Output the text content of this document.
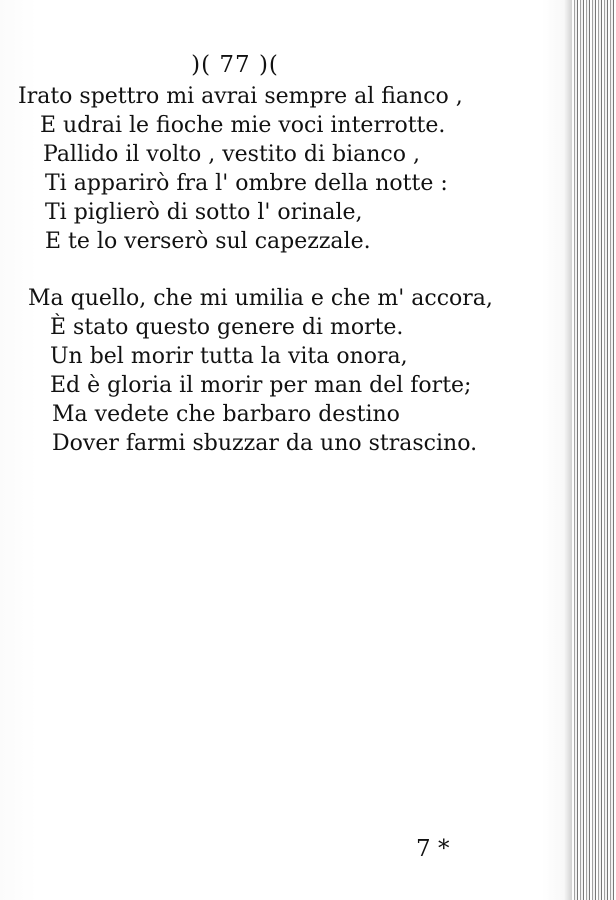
)( 77 )(
Irato spettro mi avrai sempre al fianco ,
E udrai le fioche mie voci interrotte.
Pallido il volto , vestito di bianco ,
Ti apparirò fra l' ombre della notte :
Ti piglierò di sotto l' orinale,
E te lo verserò sul capezzale.
Ma quello, che mi umilia e che m' accora,
È stato questo genere di morte.
Un bel morir tutta la vita onora,
Ed è gloria il morir per man del forte;
Ma vedete che barbaro destino
Dover farmi sbuzzar da uno strascino.
7 *
